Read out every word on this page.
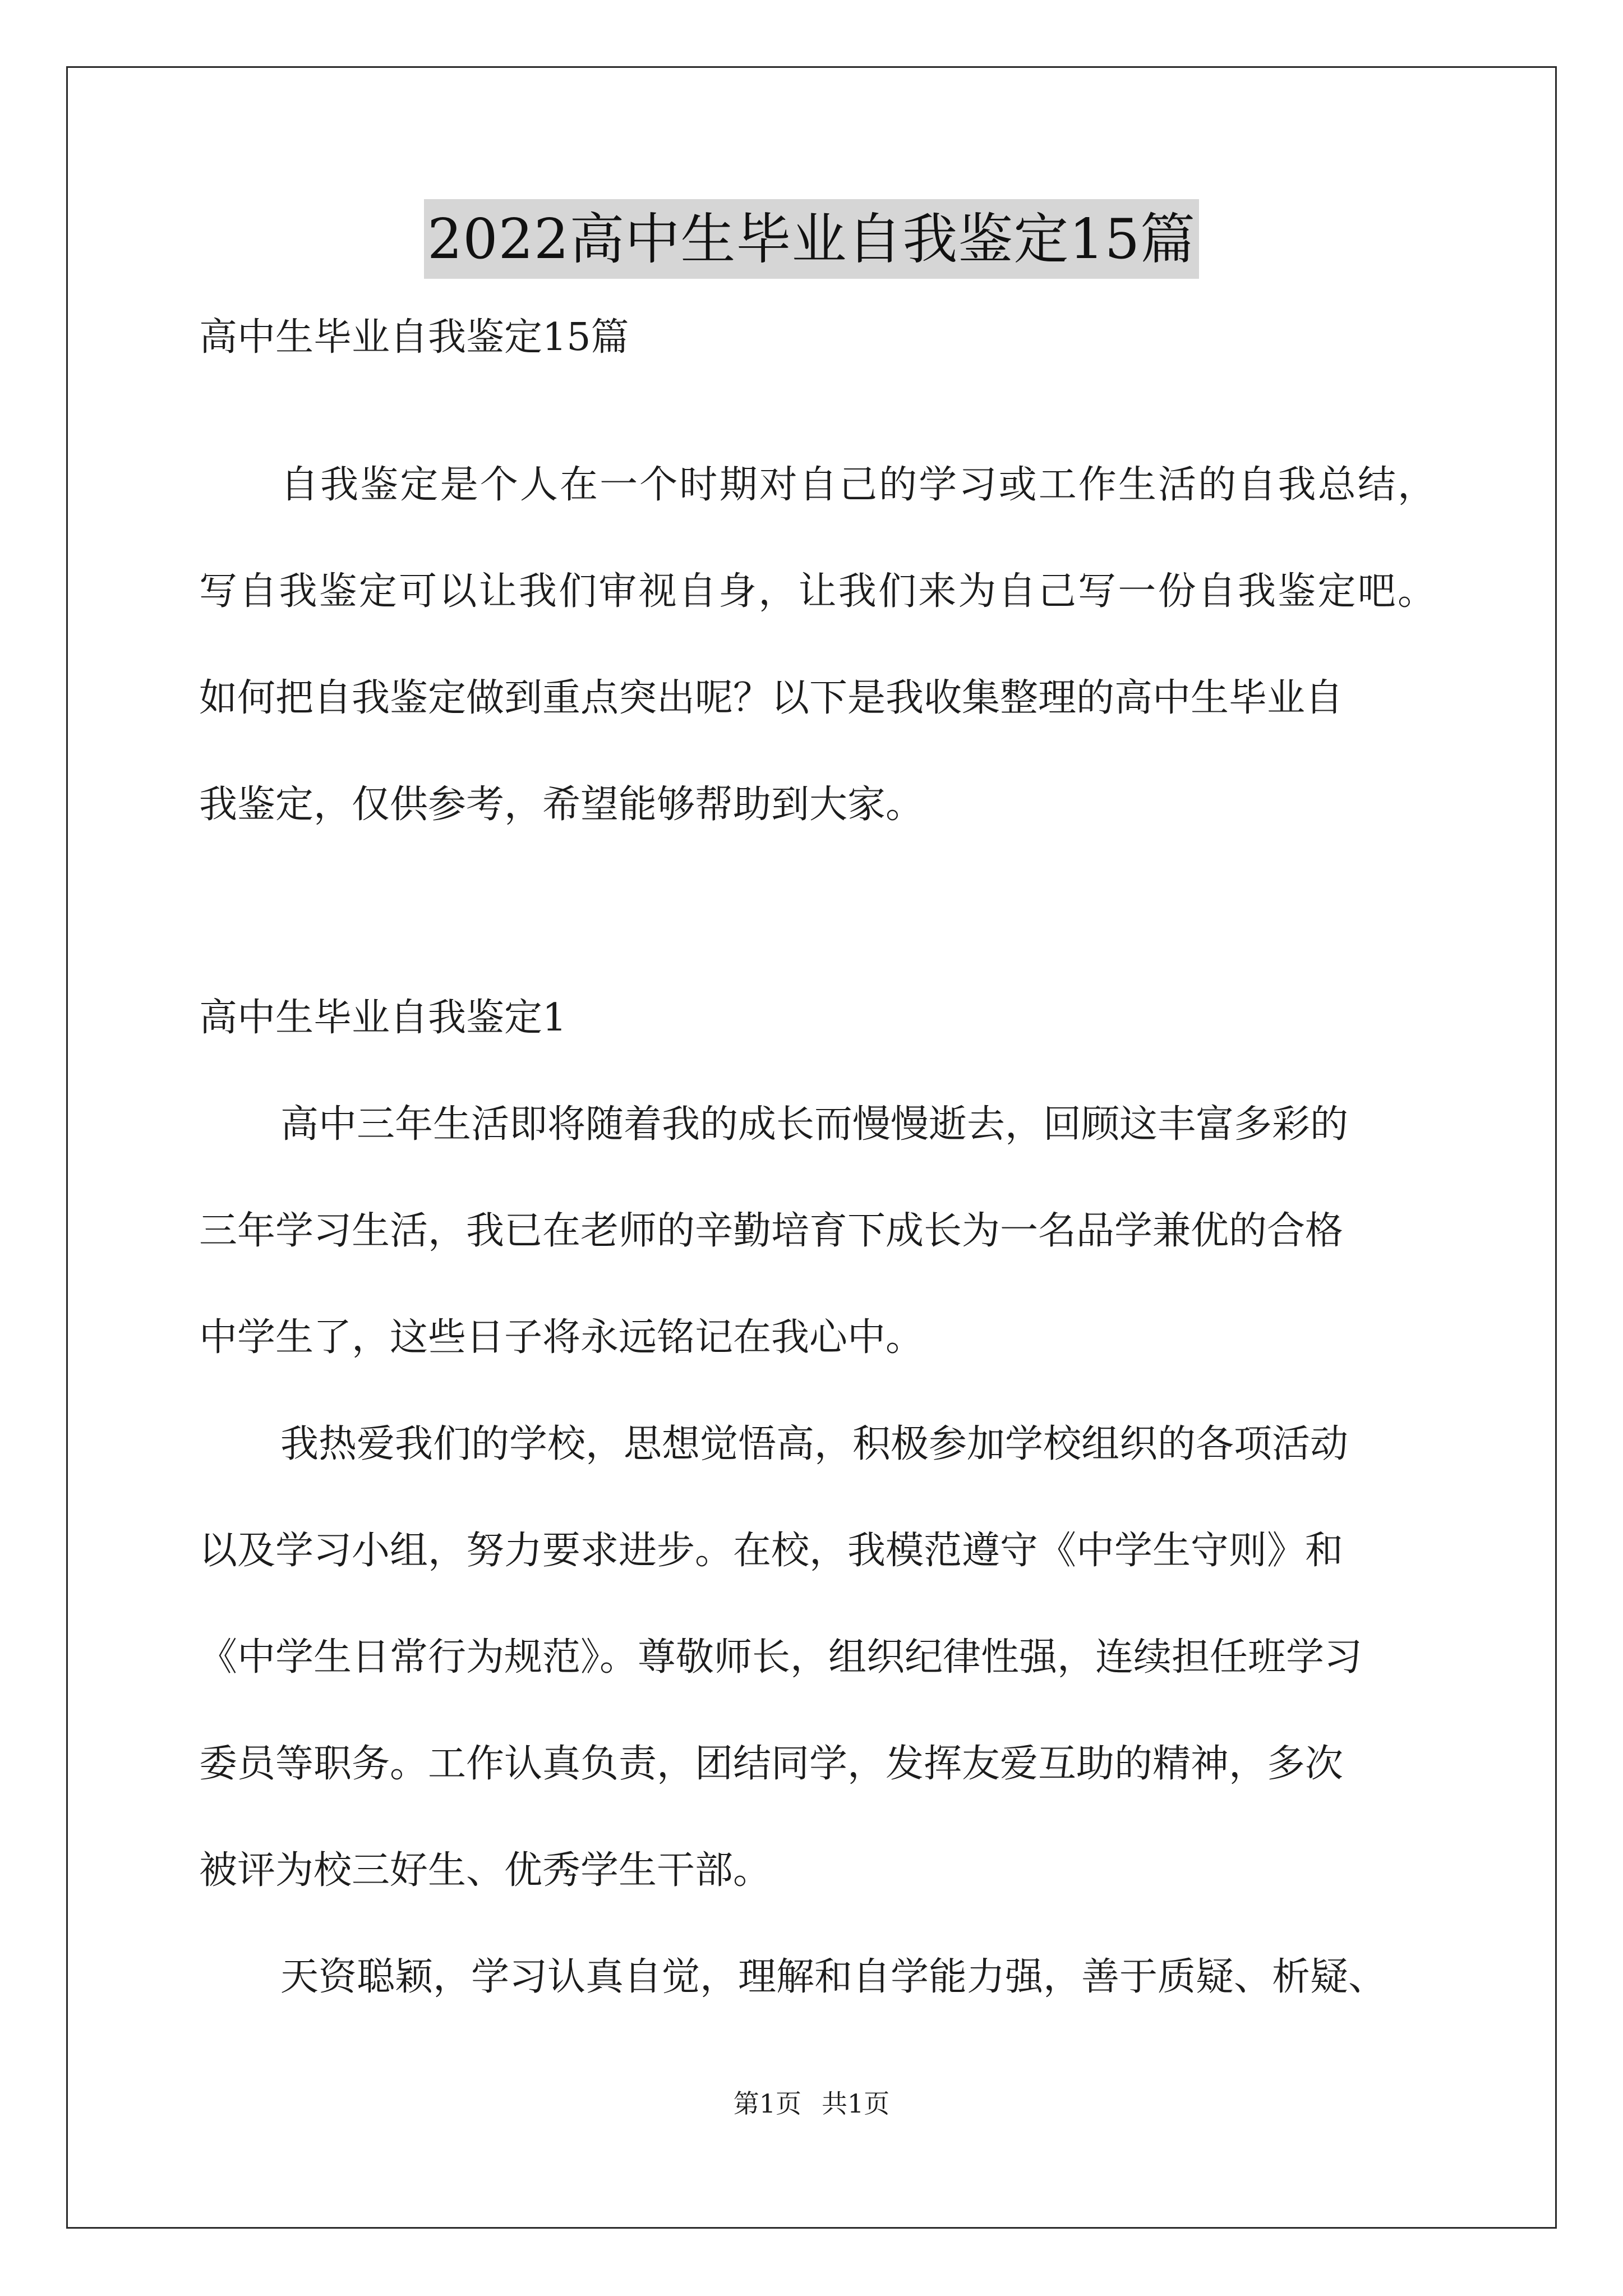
2022高中生毕业自我鉴定15篇
高中生毕业自我鉴定15篇
自我鉴定是个人在一个时期对自己的学习或工作生活的自我总结，
写自我鉴定可以让我们审视自身，让我们来为自己写一份自我鉴定吧。
如何把自我鉴定做到重点突出呢？以下是我收集整理的高中生毕业自
我鉴定，仅供参考，希望能够帮助到大家。
高中生毕业自我鉴定1
高中三年生活即将随着我的成长而慢慢逝去，回顾这丰富多彩的
三年学习生活，我已在老师的辛勤培育下成长为一名品学兼优的合格
中学生了，这些日子将永远铭记在我心中。
我热爱我们的学校，思想觉悟高，积极参加学校组织的各项活动
以及学习小组，努力要求进步。在校，我模范遵守《中学生守则》和
《中学生日常行为规范》。尊敬师长，组织纪律性强，连续担任班学习
委员等职务。工作认真负责，团结同学，发挥友爱互助的精神，多次
被评为校三好生、优秀学生干部。
天资聪颖，学习认真自觉，理解和自学能力强，善于质疑、析疑、
第1页 共1页
